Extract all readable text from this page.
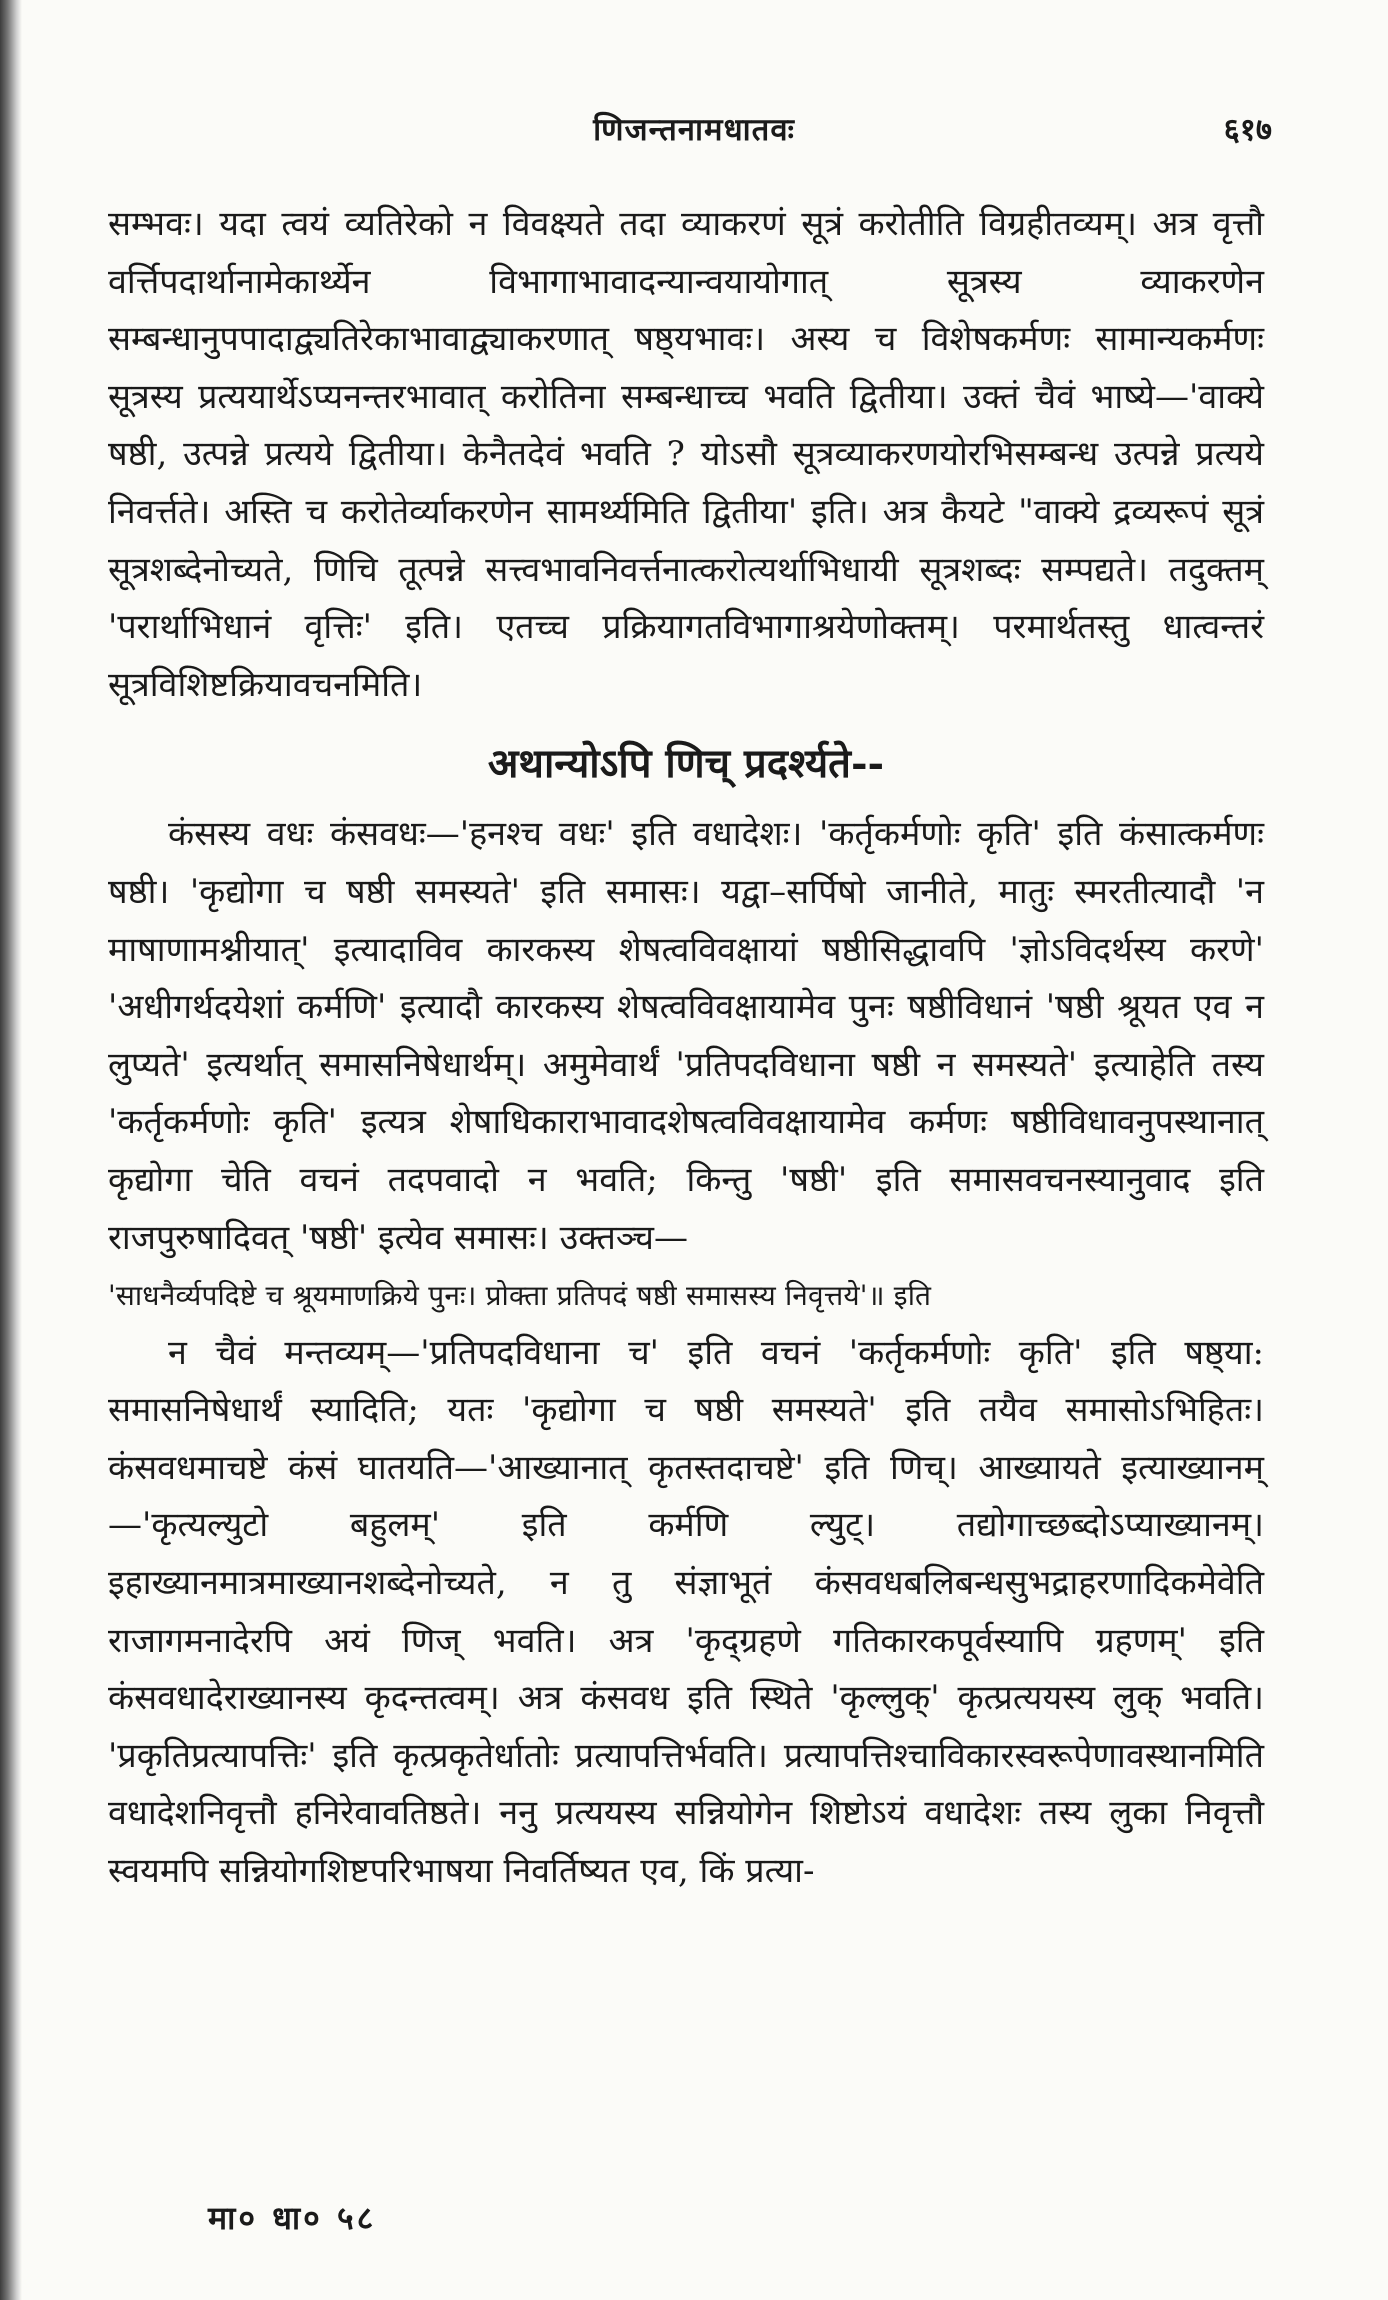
णिजन्तनामधातवः	६१७

सम्भवः। यदा त्वयं व्यतिरेको न विवक्ष्यते तदा व्याकरणं सूत्रं करोतीति विग्रहीतव्यम्। अत्र वृत्तौ वर्त्तिपदार्थानामेकार्थ्येन विभागाभावादन्यान्वयायोगात् सूत्रस्य व्याकरणेन सम्बन्धानुपपादाद्व्यतिरेकाभावाद्व्याकरणात् षष्ठ्यभावः। अस्य च विशेषकर्मणः सामान्यकर्मणः सूत्रस्य प्रत्ययार्थेऽप्यनन्तरभावात् करोतिना सम्बन्धाच्च भवति द्वितीया। उक्तं चैवं भाष्ये—'वाक्ये षष्ठी, उत्पन्ने प्रत्यये द्वितीया। केनैतदेवं भवति ? योऽसौ सूत्रव्याकरणयोरभिसम्बन्ध उत्पन्ने प्रत्यये निवर्त्तते। अस्ति च करोतेर्व्याकरणेन सामर्थ्यमिति द्वितीया' इति। अत्र कैयटे "वाक्ये द्रव्यरूपं सूत्रं सूत्रशब्देनोच्यते, णिचि तूत्पन्ने सत्त्वभावनिवर्त्तनात्करोत्यर्थाभिधायी सूत्रशब्दः सम्पद्यते। तदुक्तम् 'परार्थाभिधानं वृत्तिः' इति। एतच्च प्रक्रियागतविभागाश्रयेणोक्तम्। परमार्थतस्तु धात्वन्तरं सूत्रविशिष्टक्रियावचनमिति।

अथान्योऽपि णिच् प्रदर्श्यते--

कंसस्य वधः कंसवधः—'हनश्च वधः' इति वधादेशः। 'कर्तृकर्मणोः कृति' इति कंसात्कर्मणः षष्ठी। 'कृद्योगा च षष्ठी समस्यते' इति समासः। यद्वा–सर्पिषो जानीते, मातुः स्मरतीत्यादौ 'न माषाणामश्नीयात्' इत्यादाविव कारकस्य शेषत्वविवक्षायां षष्ठीसिद्धावपि 'ज्ञोऽविदर्थस्य करणे' 'अधीगर्थदयेशां कर्मणि' इत्यादौ कारकस्य शेषत्वविवक्षायामेव पुनः षष्ठीविधानं 'षष्ठी श्रूयत एव न लुप्यते' इत्यर्थात् समासनिषेधार्थम्। अमुमेवार्थं 'प्रतिपदविधाना षष्ठी न समस्यते' इत्याहेति तस्य 'कर्तृकर्मणोः कृति' इत्यत्र शेषाधिकाराभावादशेषत्वविवक्षायामेव कर्मणः षष्ठीविधावनुपस्थानात् कृद्योगा चेति वचनं तदपवादो न भवति; किन्तु 'षष्ठी' इति समासवचनस्यानुवाद इति राजपुरुषादिवत् 'षष्ठी' इत्येव समासः। उक्तञ्च—

'साधनैर्व्यपदिष्टे च श्रूयमाणक्रिये पुनः। प्रोक्ता प्रतिपदं षष्ठी समासस्य निवृत्तये'॥ इति

न चैवं मन्तव्यम्—'प्रतिपदविधाना च' इति वचनं 'कर्तृकर्मणोः कृति' इति षष्ठ्या: समासनिषेधार्थं स्यादिति; यतः 'कृद्योगा च षष्ठी समस्यते' इति तयैव समासोऽभिहितः। कंसवधमाचष्टे कंसं घातयति—'आख्यानात् कृतस्तदाचष्टे' इति णिच्। आख्यायते इत्याख्यानम्—'कृत्यल्युटो बहुलम्' इति कर्मणि ल्युट्। तद्योगाच्छब्दोऽप्याख्यानम्। इहाख्यानमात्रमाख्यानशब्देनोच्यते, न तु संज्ञाभूतं कंसवधबलिबन्धसुभद्राहरणादिकमेवेति राजागमनादेरपि अयं णिज् भवति। अत्र 'कृद्ग्रहणे गतिकारकपूर्वस्यापि ग्रहणम्' इति कंसवधादेराख्यानस्य कृदन्तत्वम्। अत्र कंसवध इति स्थिते 'कृल्लुक्' कृत्प्रत्ययस्य लुक् भवति। 'प्रकृतिप्रत्यापत्तिः' इति कृत्प्रकृतेर्धातोः प्रत्यापत्तिर्भवति। प्रत्यापत्तिश्चाविकारस्वरूपेणावस्थानमिति वधादेशनिवृत्तौ हनिरेवावतिष्ठते। ननु प्रत्ययस्य सन्नियोगेन शिष्टोऽयं वधादेशः तस्य लुका निवृत्तौ स्वयमपि सन्नियोगशिष्टपरिभाषया निवर्तिष्यत एव, किं प्रत्या-

मा० धा० ५८
